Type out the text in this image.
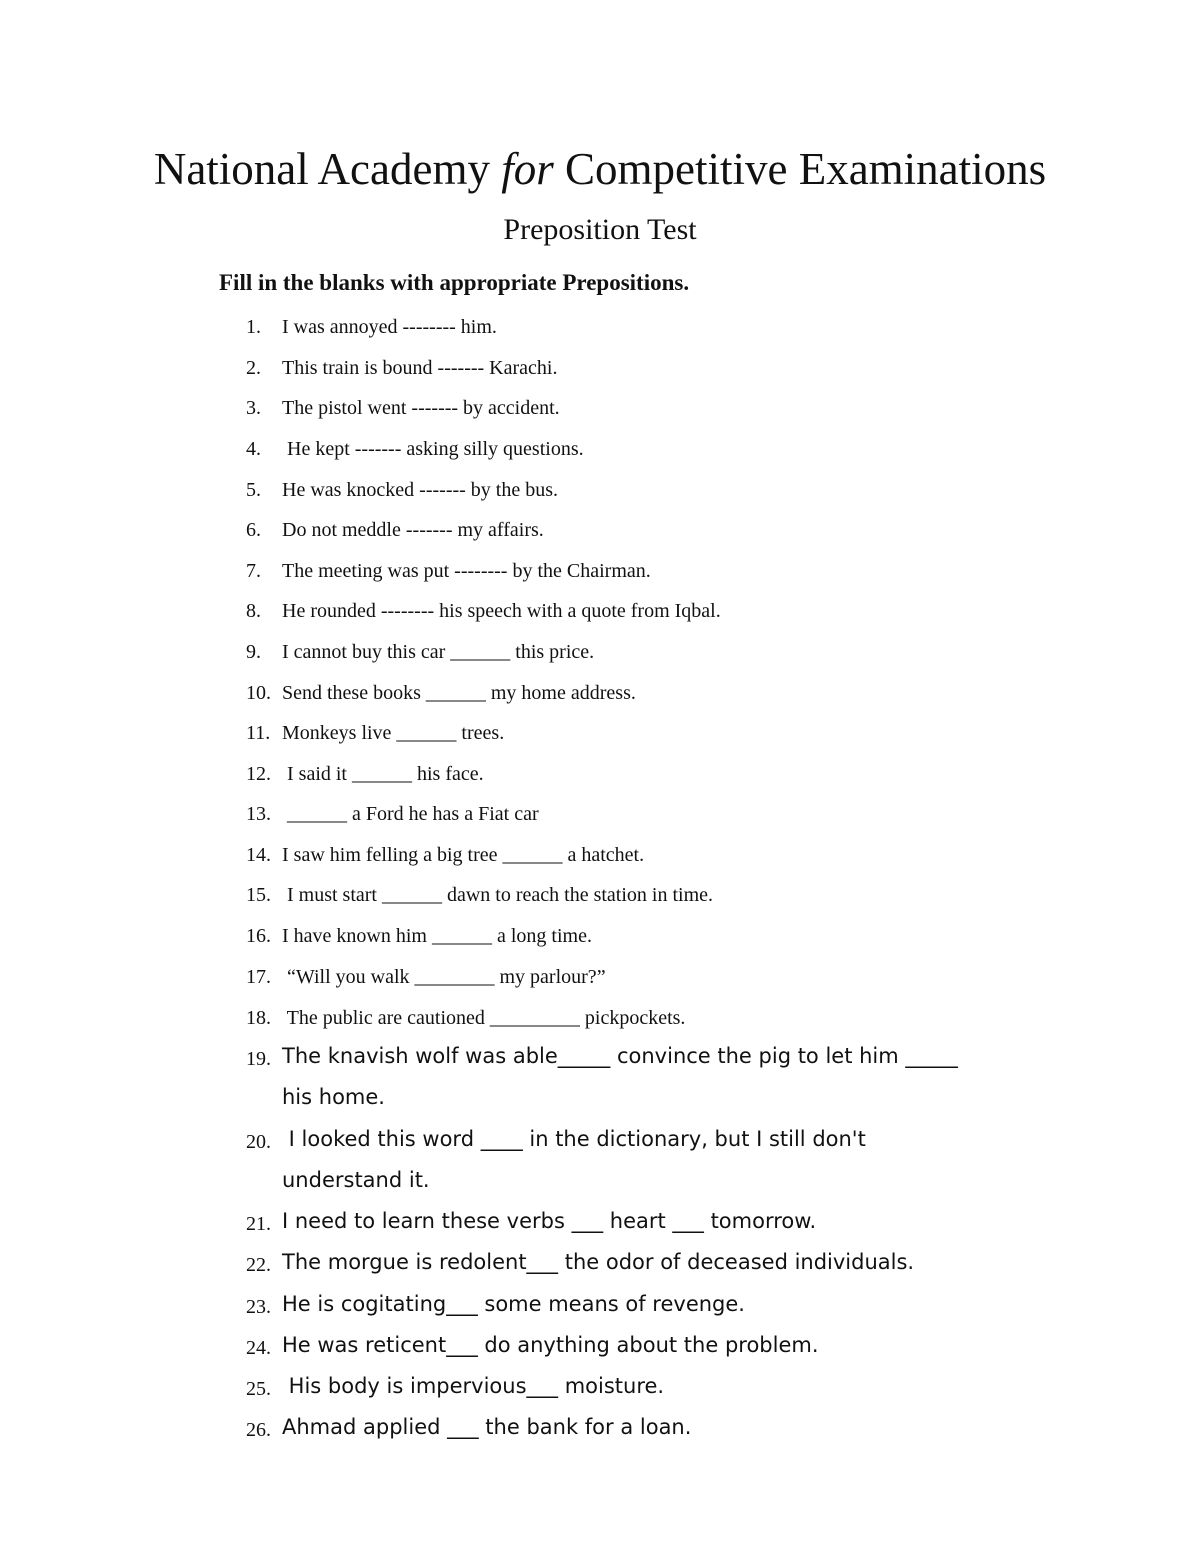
National Academy for Competitive Examinations
Preposition Test
Fill in the blanks with appropriate Prepositions.
1. I was annoyed -------- him.
2. This train is bound ------- Karachi.
3. The pistol went ------- by accident.
4. He kept ------- asking silly questions.
5. He was knocked ------- by the bus.
6. Do not meddle ------- my affairs.
7. The meeting was put -------- by the Chairman.
8. He rounded -------- his speech with a quote from Iqbal.
9. I cannot buy this car ______ this price.
10. Send these books ______ my home address.
11. Monkeys live ______ trees.
12. I said it ______ his face.
13. ______ a Ford he has a Fiat car
14. I saw him felling a big tree ______ a hatchet.
15. I must start ______ dawn to reach the station in time.
16. I have known him ______ a long time.
17. “Will you walk ________ my parlour?”
18. The public are cautioned _________ pickpockets.
19. The knavish wolf was able_____ convince the pig to let him _____
his home.
20. I looked this word ____ in the dictionary, but I still don't
understand it.
21. I need to learn these verbs ___ heart ___ tomorrow.
22. The morgue is redolent___ the odor of deceased individuals.
23. He is cogitating___ some means of revenge.
24. He was reticent___ do anything about the problem.
25. His body is impervious___ moisture.
26. Ahmad applied ___ the bank for a loan.
